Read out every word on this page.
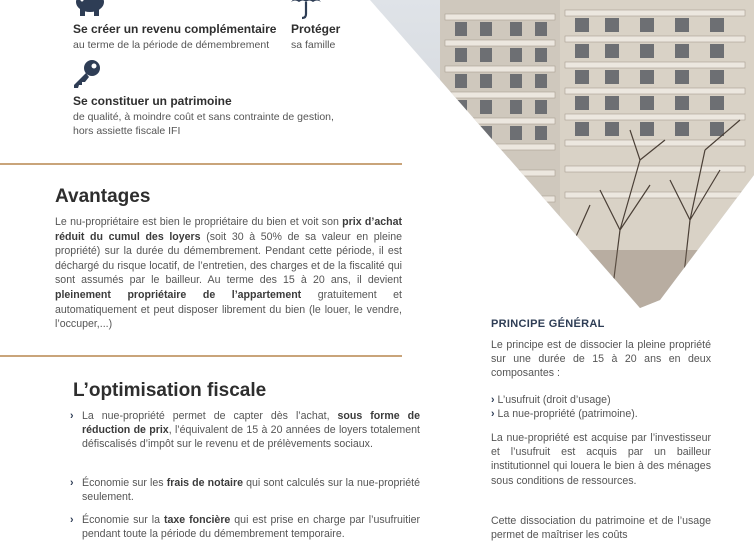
Se créer un revenu complémentaire
au terme de la période de démembrement
Protéger
sa famille
Se constituer un patrimoine
de qualité, à moindre coût et sans contrainte de gestion,
hors assiette fiscale IFI
Avantages
Le nu-propriétaire est bien le propriétaire du bien et voit son prix d’achat réduit du cumul des loyers (soit 30 à 50% de sa valeur en pleine propriété) sur la durée du démembrement. Pendant cette période, il est déchargé du risque locatif, de l’entretien, des charges et de la fiscalité qui sont assumés par le bailleur. Au terme des 15 à 20 ans, il devient pleinement propriétaire de l’appartement gratuitement et automatiquement et peut disposer librement du bien (le louer, le vendre, l’occuper,...)
L’optimisation fiscale
› La nue-propriété permet de capter dès l’achat, sous forme de réduction de prix, l’équivalent de 15 à 20 années de loyers totalement défiscalisés d’impôt sur le revenu et de prélèvements sociaux.
› Économie sur les frais de notaire qui sont calculés sur la nue-propriété seulement.
› Économie sur la taxe foncière qui est prise en charge par l’usufruitier pendant toute la période du démembrement temporaire.
PRINCIPE GÉNÉRAL
Le principe est de dissocier la pleine propriété sur une durée de 15 à 20 ans en deux composantes :
› L’usufruit (droit d’usage)
› La nue-propriété (patrimoine).
La nue-propriété est acquise par l’investisseur et l’usufruit est acquis par un bailleur institutionnel qui louera le bien à des ménages sous conditions de ressources.
Cette dissociation du patrimoine et de l’usage permet de maîtriser les coûts
